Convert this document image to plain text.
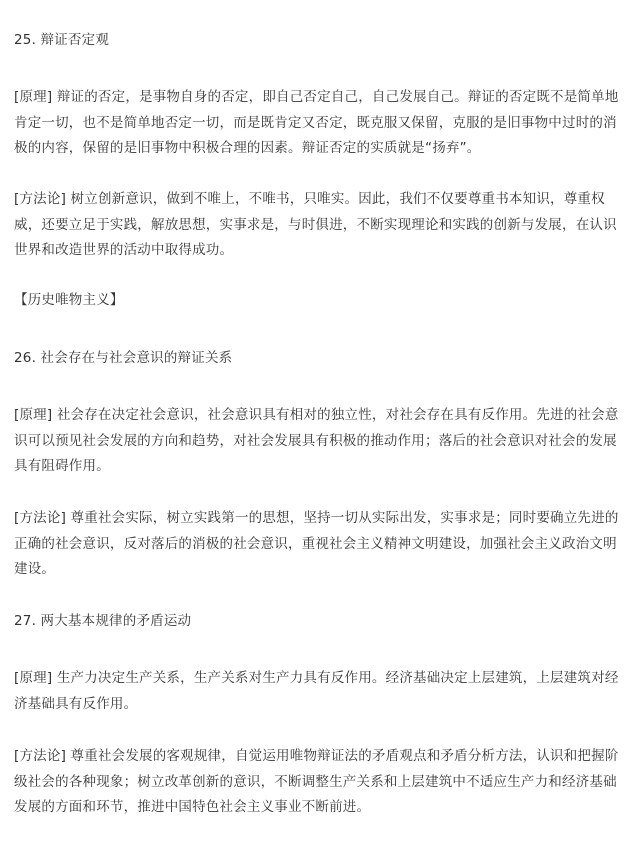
25. 辩证否定观
[原理] 辩证的否定，是事物自身的否定，即自己否定自己，自己发展自己。辩证的否定既不是简单地肯定一切，也不是简单地否定一切，而是既肯定又否定，既克服又保留，克服的是旧事物中过时的消极的内容，保留的是旧事物中积极合理的因素。辩证否定的实质就是“扬弃”。
[方法论] 树立创新意识，做到不唯上，不唯书，只唯实。因此，我们不仅要尊重书本知识，尊重权威，还要立足于实践，解放思想，实事求是，与时俱进，不断实现理论和实践的创新与发展，在认识世界和改造世界的活动中取得成功。
【历史唯物主义】
26. 社会存在与社会意识的辩证关系
[原理] 社会存在决定社会意识，社会意识具有相对的独立性，对社会存在具有反作用。先进的社会意识可以预见社会发展的方向和趋势，对社会发展具有积极的推动作用；落后的社会意识对社会的发展具有阻碍作用。
[方法论] 尊重社会实际，树立实践第一的思想，坚持一切从实际出发，实事求是；同时要确立先进的正确的社会意识，反对落后的消极的社会意识，重视社会主义精神文明建设，加强社会主义政治文明建设。
27. 两大基本规律的矛盾运动
[原理] 生产力决定生产关系，生产关系对生产力具有反作用。经济基础决定上层建筑，上层建筑对经济基础具有反作用。
[方法论] 尊重社会发展的客观规律，自觉运用唯物辩证法的矛盾观点和矛盾分析方法，认识和把握阶级社会的各种现象；树立改革创新的意识，不断调整生产关系和上层建筑中不适应生产力和经济基础发展的方面和环节，推进中国特色社会主义事业不断前进。
